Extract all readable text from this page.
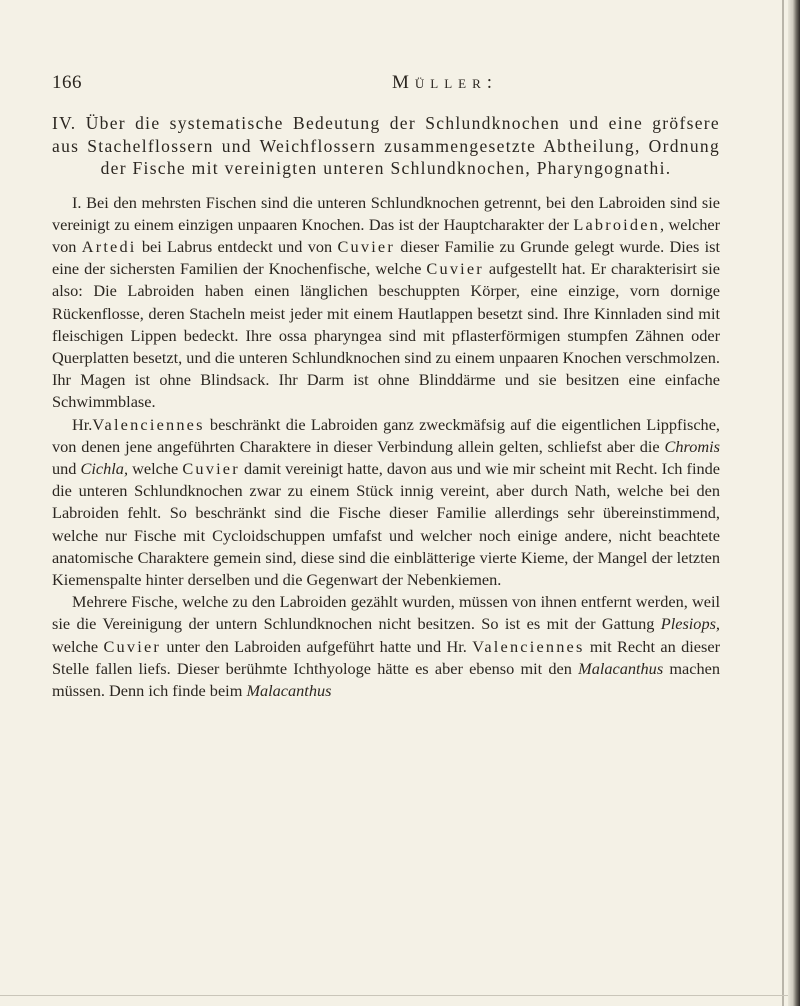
166	Müller:

IV. Über die systematische Bedeutung der Schlundknochen und eine gröfsere aus Stachelflossern und Weichflossern zusammengesetzte Abtheilung, Ordnung der Fische mit vereinigten unteren Schlundknochen, Pharyngognathi.

I. Bei den mehrsten Fischen sind die unteren Schlundknochen getrennt, bei den Labroiden sind sie vereinigt zu einem einzigen unpaaren Knochen. Das ist der Hauptcharakter der Labroiden, welcher von Artedi bei Labrus entdeckt und von Cuvier dieser Familie zu Grunde gelegt wurde. Dies ist eine der sichersten Familien der Knochenfische, welche Cuvier aufgestellt hat. Er charakterisirt sie also: Die Labroiden haben einen länglichen beschuppten Körper, eine einzige, vorn dornige Rückenflosse, deren Stacheln meist jeder mit einem Hautlappen besetzt sind. Ihre Kinnladen sind mit fleischigen Lippen bedeckt. Ihre ossa pharyngea sind mit pflasterförmigen stumpfen Zähnen oder Querplatten besetzt, und die unteren Schlundknochen sind zu einem unpaaren Knochen verschmolzen. Ihr Magen ist ohne Blindsack. Ihr Darm ist ohne Blinddärme und sie besitzen eine einfache Schwimmblase.

Hr.Valenciennes beschränkt die Labroiden ganz zweckmäfsig auf die eigentlichen Lippfische, von denen jene angeführten Charaktere in dieser Verbindung allein gelten, schliefst aber die Chromis und Cichla, welche Cuvier damit vereinigt hatte, davon aus und wie mir scheint mit Recht. Ich finde die unteren Schlundknochen zwar zu einem Stück innig vereint, aber durch Nath, welche bei den Labroiden fehlt. So beschränkt sind die Fische dieser Familie allerdings sehr übereinstimmend, welche nur Fische mit Cycloidschuppen umfafst und welcher noch einige andere, nicht beachtete anatomische Charaktere gemein sind, diese sind die einblätterige vierte Kieme, der Mangel der letzten Kiemenspalte hinter derselben und die Gegenwart der Nebenkiemen.

Mehrere Fische, welche zu den Labroiden gezählt wurden, müssen von ihnen entfernt werden, weil sie die Vereinigung der untern Schlundknochen nicht besitzen. So ist es mit der Gattung Plesiops, welche Cuvier unter den Labroiden aufgeführt hatte und Hr. Valenciennes mit Recht an dieser Stelle fallen liefs. Dieser berühmte Ichthyologe hätte es aber ebenso mit den Malacanthus machen müssen. Denn ich finde beim Malacanthus
